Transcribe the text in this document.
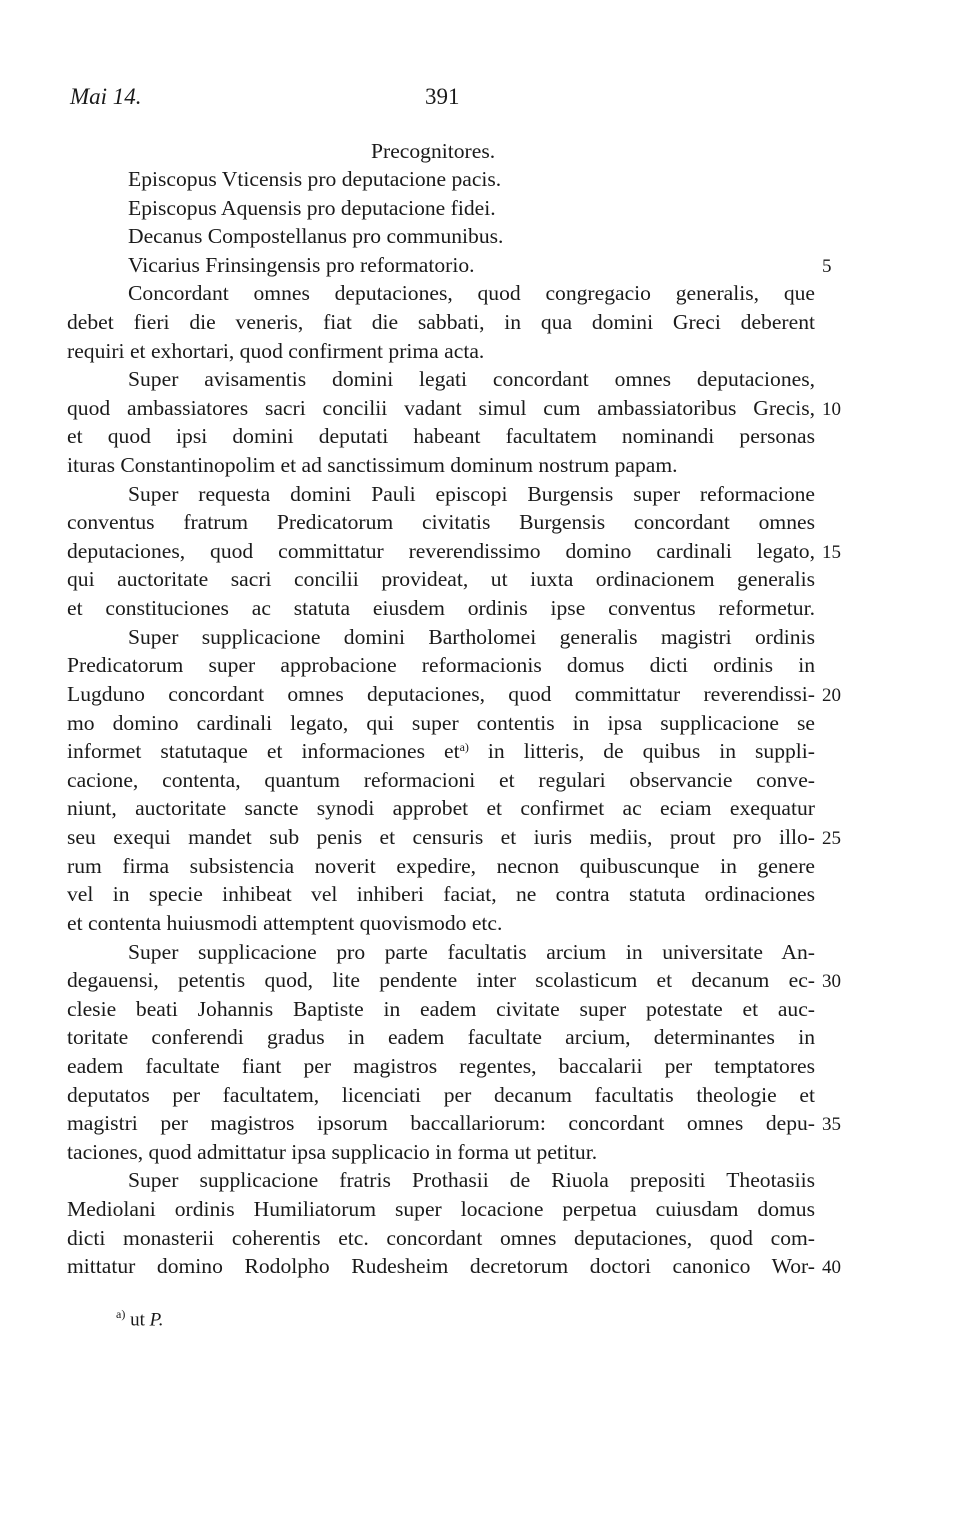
Mai 14.	391
Precognitores.
Episcopus Vticensis pro deputacione pacis.
Episcopus Aquensis pro deputacione fidei.
Decanus Compostellanus pro communibus.
Vicarius Frinsingensis pro reformatorio.
Concordant omnes deputaciones, quod congregacio generalis, que
debet fieri die veneris, fiat die sabbati, in qua domini Greci deberent
requiri et exhortari, quod confirment prima acta.
Super avisamentis domini legati concordant omnes deputaciones,
quod ambassiatores sacri concilii vadant simul cum ambassiatoribus Grecis,
et quod ipsi domini deputati habeant facultatem nominandi personas
ituras Constantinopolim et ad sanctissimum dominum nostrum papam.
Super requesta domini Pauli episcopi Burgensis super reformacione
conventus fratrum Predicatorum civitatis Burgensis concordant omnes
deputaciones, quod committatur reverendissimo domino cardinali legato,
qui auctoritate sacri concilii provideat, ut iuxta ordinacionem generalis
et constituciones ac statuta eiusdem ordinis ipse conventus reformetur.
Super supplicacione domini Bartholomei generalis magistri ordinis
Predicatorum super approbacione reformacionis domus dicti ordinis in
Lugduno concordant omnes deputaciones, quod committatur reverendissi-
mo domino cardinali legato, qui super contentis in ipsa supplicacione se
informet statutaque et informaciones et$^{a)}$ in litteris, de quibus in suppli-
cacione, contenta, quantum reformacioni et regulari observancie conve-
niunt, auctoritate sancte synodi approbet et confirmet ac eciam exequatur
seu exequi mandet sub penis et censuris et iuris mediis, prout pro illo-
rum firma subsistencia noverit expedire, necnon quibuscunque in genere
vel in specie inhibeat vel inhiberi faciat, ne contra statuta ordinaciones
et contenta huiusmodi attemptent quovismodo etc.
Super supplicacione pro parte facultatis arcium in universitate An-
degauensi, petentis quod, lite pendente inter scolasticum et decanum ec-
clesie beati Johannis Baptiste in eadem civitate super potestate et auc-
toritate conferendi gradus in eadem facultate arcium, determinantes in
eadem facultate fiant per magistros regentes, baccalarii per temptatores
deputatos per facultatem, licenciati per decanum facultatis theologie et
magistri per magistros ipsorum baccallariorum: concordant omnes depu-
taciones, quod admittatur ipsa supplicacio in forma ut petitur.
Super supplicacione fratris Prothasii de Riuola prepositi Theotasiis
Mediolani ordinis Humiliatorum super locacione perpetua cuiusdam domus
dicti monasterii coherentis etc. concordant omnes deputaciones, quod com-
mittatur domino Rodolpho Rudesheim decretorum doctori canonico Wor-
5
10
15
20
25
30
35
40
$^{a)}$ ut P.
